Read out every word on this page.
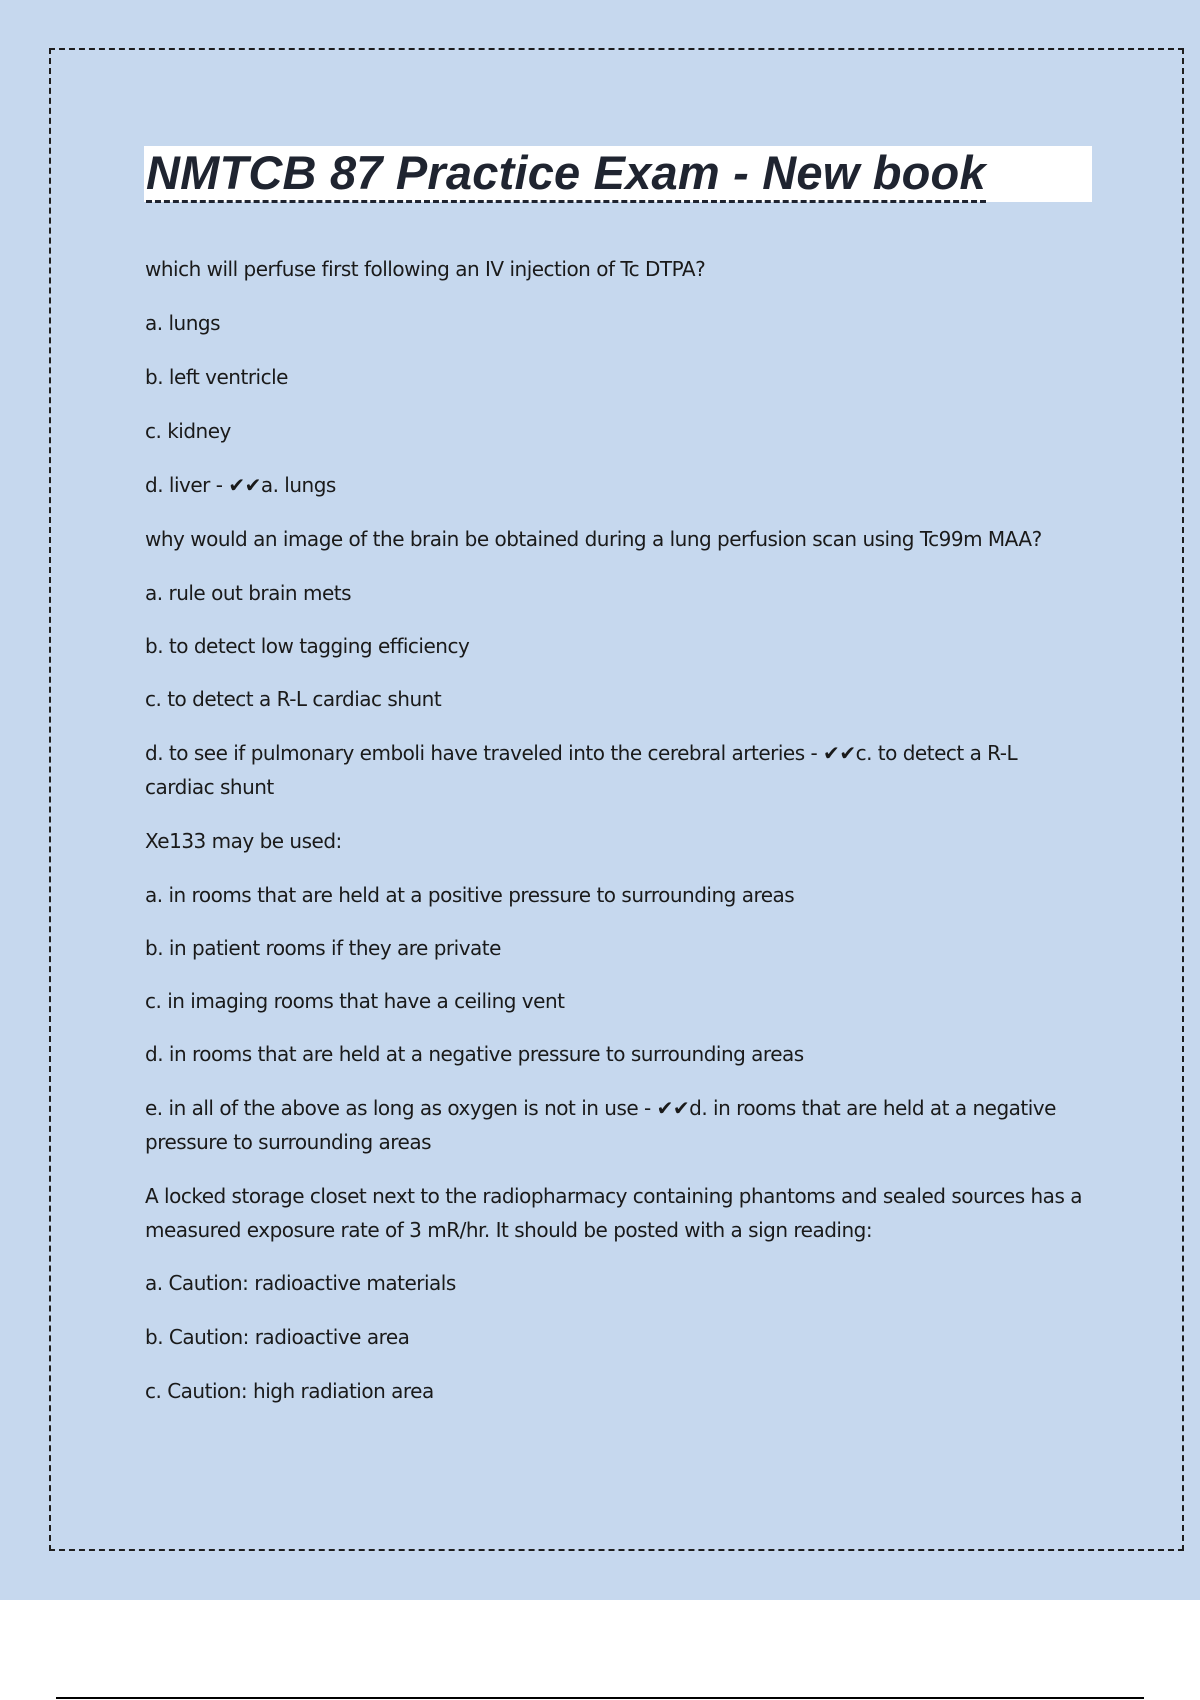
NMTCB 87 Practice Exam - New book

which will perfuse first following an IV injection of Tc DTPA?

a. lungs

b. left ventricle

c. kidney

d. liver - ✔✔a. lungs

why would an image of the brain be obtained during a lung perfusion scan using Tc99m MAA?

a. rule out brain mets

b. to detect low tagging efficiency

c. to detect a R-L cardiac shunt

d. to see if pulmonary emboli have traveled into the cerebral arteries - ✔✔c. to detect a R-L cardiac shunt

Xe133 may be used:

a. in rooms that are held at a positive pressure to surrounding areas

b. in patient rooms if they are private

c. in imaging rooms that have a ceiling vent

d. in rooms that are held at a negative pressure to surrounding areas

e. in all of the above as long as oxygen is not in use - ✔✔d. in rooms that are held at a negative pressure to surrounding areas

A locked storage closet next to the radiopharmacy containing phantoms and sealed sources has a measured exposure rate of 3 mR/hr. It should be posted with a sign reading:

a. Caution: radioactive materials

b. Caution: radioactive area

c. Caution: high radiation area
